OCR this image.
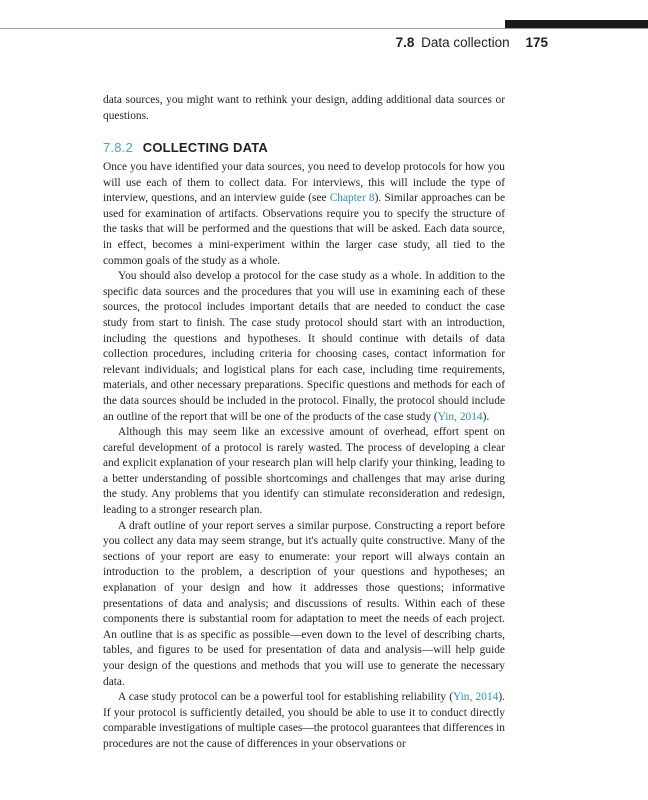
7.8 Data collection 175

data sources, you might want to rethink your design, adding additional data sources or questions.

7.8.2 COLLECTING DATA

Once you have identified your data sources, you need to develop protocols for how you will use each of them to collect data. For interviews, this will include the type of interview, questions, and an interview guide (see Chapter 8). Similar approaches can be used for examination of artifacts. Observations require you to specify the structure of the tasks that will be performed and the questions that will be asked. Each data source, in effect, becomes a mini-experiment within the larger case study, all tied to the common goals of the study as a whole.

You should also develop a protocol for the case study as a whole. In addition to the specific data sources and the procedures that you will use in examining each of these sources, the protocol includes important details that are needed to conduct the case study from start to finish. The case study protocol should start with an introduction, including the questions and hypotheses. It should continue with details of data collection procedures, including criteria for choosing cases, contact information for relevant individuals; and logistical plans for each case, including time requirements, materials, and other necessary preparations. Specific questions and methods for each of the data sources should be included in the protocol. Finally, the protocol should include an outline of the report that will be one of the products of the case study (Yin, 2014).

Although this may seem like an excessive amount of overhead, effort spent on careful development of a protocol is rarely wasted. The process of developing a clear and explicit explanation of your research plan will help clarify your thinking, leading to a better understanding of possible shortcomings and challenges that may arise during the study. Any problems that you identify can stimulate reconsideration and redesign, leading to a stronger research plan.

A draft outline of your report serves a similar purpose. Constructing a report before you collect any data may seem strange, but it's actually quite constructive. Many of the sections of your report are easy to enumerate: your report will always contain an introduction to the problem, a description of your questions and hypotheses; an explanation of your design and how it addresses those questions; informative presentations of data and analysis; and discussions of results. Within each of these components there is substantial room for adaptation to meet the needs of each project. An outline that is as specific as possible—even down to the level of describing charts, tables, and figures to be used for presentation of data and analysis—will help guide your design of the questions and methods that you will use to generate the necessary data.

A case study protocol can be a powerful tool for establishing reliability (Yin, 2014). If your protocol is sufficiently detailed, you should be able to use it to conduct directly comparable investigations of multiple cases—the protocol guarantees that differences in procedures are not the cause of differences in your observations or
